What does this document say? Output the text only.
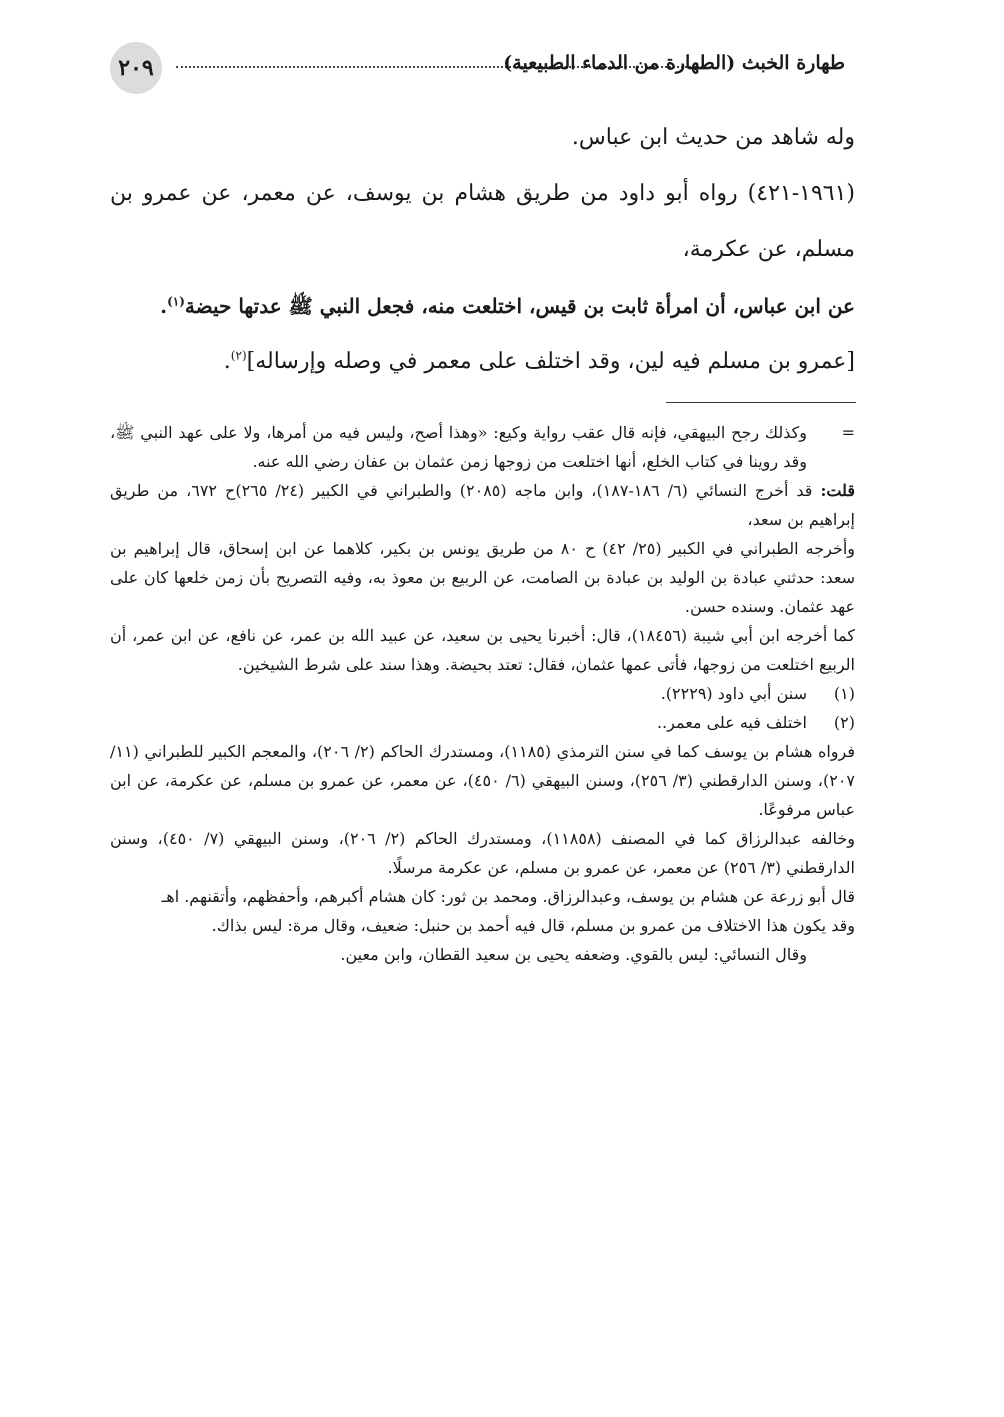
٢٠٩	طهارة الخبث (الطهارة من الدماء الطبيعية)

وله شاهد من حديث ابن عباس.

(١٩٦١-٤٢١) رواه أبو داود من طريق هشام بن يوسف، عن معمر، عن عمرو بن مسلم، عن عكرمة،

عن ابن عباس، أن امرأة ثابت بن قيس، اختلعت منه، فجعل النبي ﷺ عدتها حيضة$^{(١)}$.

[عمرو بن مسلم فيه لين، وقد اختلف على معمر في وصله وإرساله]$^{(٢)}$.

=
وكذلك رجح البيهقي، فإنه قال عقب رواية وكيع: «وهذا أصح، وليس فيه من أمرها، ولا على عهد النبي ﷺ، وقد روينا في كتاب الخلع، أنها اختلعت من زوجها زمن عثمان بن عفان رضي الله عنه.

قلت: قد أخرج النسائي (٦/ ١٨٦-١٨٧)، وابن ماجه (٢٠٨٥) والطبراني في الكبير (٢٤/ ٢٦٥)ح ٦٧٢، من طريق إبراهيم بن سعد،

وأخرجه الطبراني في الكبير (٢٥/ ٤٢) ح ٨٠ من طريق يونس بن بكير، كلاهما عن ابن إسحاق، قال إبراهيم بن سعد: حدثني عبادة بن الوليد بن عبادة بن الصامت، عن الربيع بن معوذ به، وفيه التصريح بأن زمن خلعها كان على عهد عثمان. وسنده حسن.

كما أخرجه ابن أبي شيبة (١٨٤٥٦)، قال: أخبرنا يحيى بن سعيد، عن عبيد الله بن عمر، عن نافع، عن ابن عمر، أن الربيع اختلعت من زوجها، فأتى عمها عثمان، فقال: تعتد بحيضة. وهذا سند على شرط الشيخين.

(١)
سنن أبي داود (٢٢٢٩).

(٢)
اختلف فيه على معمر..

فرواه هشام بن يوسف كما في سنن الترمذي (١١٨٥)، ومستدرك الحاكم (٢/ ٢٠٦)، والمعجم الكبير للطبراني (١١/ ٢٠٧)، وسنن الدارقطني (٣/ ٢٥٦)، وسنن البيهقي (٦/ ٤٥٠)، عن معمر، عن عمرو بن مسلم، عن عكرمة، عن ابن عباس مرفوعًا.

وخالفه عبدالرزاق كما في المصنف (١١٨٥٨)، ومستدرك الحاكم (٢/ ٢٠٦)، وسنن البيهقي (٧/ ٤٥٠)، وسنن الدارقطني (٣/ ٢٥٦) عن معمر، عن عمرو بن مسلم، عن عكرمة مرسلًا.

قال أبو زرعة عن هشام بن يوسف، وعبدالرزاق. ومحمد بن ثور: كان هشام أكبرهم، وأحفظهم، وأتقنهم. اهـ

وقد يكون هذا الاختلاف من عمرو بن مسلم، قال فيه أحمد بن حنبل: ضعيف، وقال مرة: ليس بذاك.

وقال النسائي: ليس بالقوي. وضعفه يحيى بن سعيد القطان، وابن معين.
